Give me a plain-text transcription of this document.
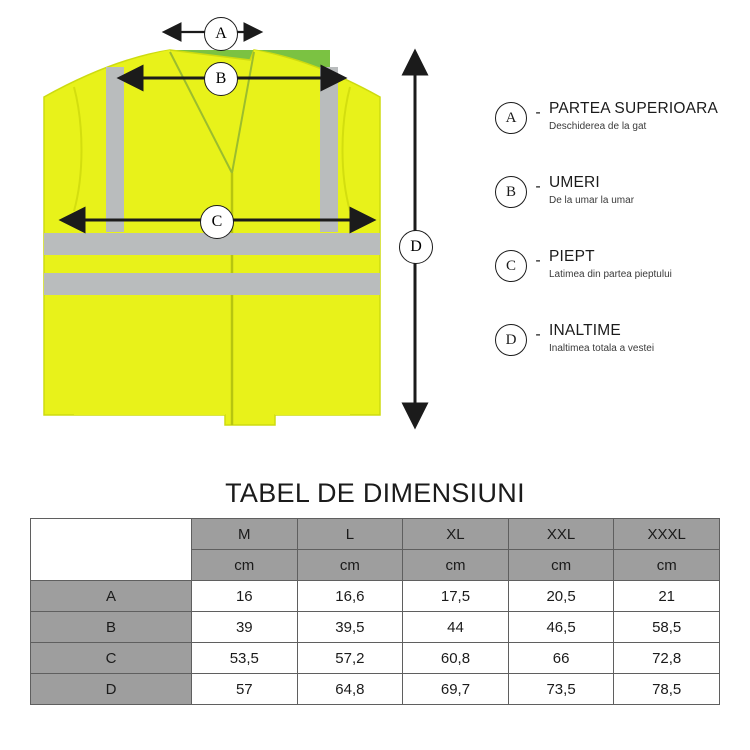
A
B
C
D
A	- PARTEA SUPERIOARA
Deschiderea de la gat
B	- UMERI
De la umar la umar
C	- PIEPT
Latimea din partea pieptului
D	- INALTIME
Inaltimea totala a vestei
TABEL DE DIMENSIUNI
	M	L	XL	XXL	XXXL
	cm	cm	cm	cm	cm
A	16	16,6	17,5	20,5	21
B	39	39,5	44	46,5	58,5
C	53,5	57,2	60,8	66	72,8
D	57	64,8	69,7	73,5	78,5
